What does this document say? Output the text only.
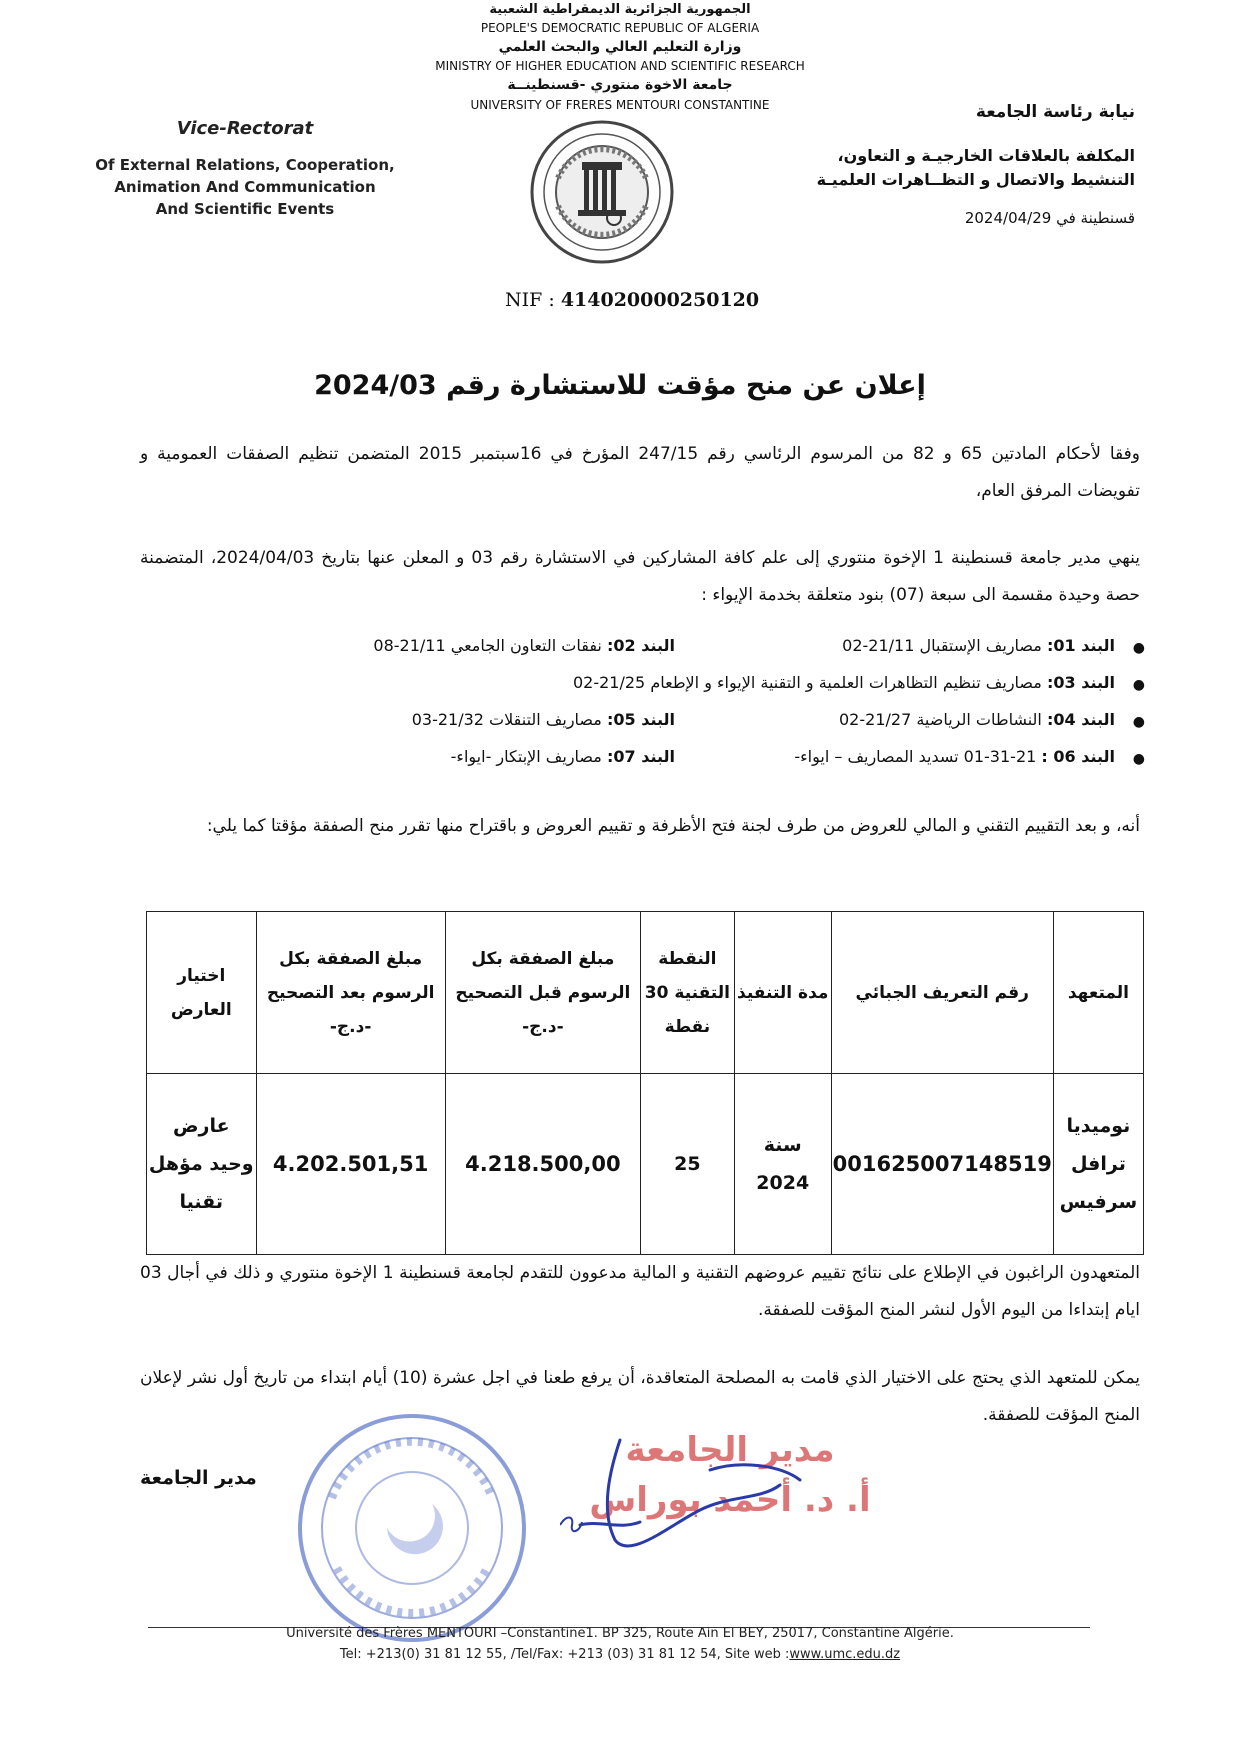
الجمهورية الجزائرية الديمقراطية الشعبية
PEOPLE'S DEMOCRATIC REPUBLIC OF ALGERIA
وزارة التعليم العالي والبحث العلمي
MINISTRY OF HIGHER EDUCATION AND SCIENTIFIC RESEARCH
جامعة الاخوة منتوري -قسنطينــة
UNIVERSITY OF FRERES MENTOURI CONSTANTINE
Vice-Rectorat
Of External Relations, Cooperation,
Animation And Communication
And Scientific Events
نيابة رئاسة الجامعة
المكلفة بالعلاقات الخارجيـة و التعاون،
التنشيط والاتصال و التظــاهرات العلميـة
قسنطينة في 2024/04/29
NIF : 414020000250120
إعلان عن منح مؤقت للاستشارة رقم 2024/03
وفقا لأحكام المادتين 65 و 82 من المرسوم الرئاسي رقم 247/15 المؤرخ في 16سبتمبر 2015 المتضمن تنظيم الصفقات العمومية و تفويضات المرفق العام،
ينهي مدير جامعة قسنطينة 1 الإخوة منتوري إلى علم كافة المشاركين في الاستشارة رقم 03 و المعلن عنها بتاريخ 2024/04/03، المتضمنة حصة وحيدة مقسمة الى سبعة (07) بنود متعلقة بخدمة الإيواء :
●
البند 01: مصاريف الإستقبال 21/11-02
البند 02: نفقات التعاون الجامعي 21/11-08
●
البند 03: مصاريف تنظيم التظاهرات العلمية و التقنية الإيواء و الإطعام 21/25-02
●
البند 04: النشاطات الرياضية 21/27-02
البند 05: مصاريف التنقلات 21/32-03
●
البند 06 : 21-31-01 تسديد المصاريف – ايواء-
البند 07: مصاريف الإبتكار -ايواء-
أنه، و بعد التقييم التقني و المالي للعروض من طرف لجنة فتح الأظرفة و تقييم العروض و باقتراح منها تقرر منح الصفقة مؤقتا كما يلي:
المتعهد	رقم التعريف الجبائي	مدة التنفيذ	النقطة التقنية 30 نقطة	مبلغ الصفقة بكل الرسوم قبل التصحيح -د.ج-	مبلغ الصفقة بكل الرسوم بعد التصحيح -د.ج-	اختيار العارض
نوميديا ترافل سرفيس	001625007148519	سنة 2024	25	4.218.500,00	4.202.501,51	عارض وحيد مؤهل تقنيا
المتعهدون الراغبون في الإطلاع على نتائج تقييم عروضهم التقنية و المالية مدعوون للتقدم لجامعة قسنطينة 1 الإخوة منتوري و ذلك في أجال 03 ايام إبتداءا من اليوم الأول لنشر المنح المؤقت للصفقة.
يمكن للمتعهد الذي يحتج على الاختيار الذي قامت به المصلحة المتعاقدة، أن يرفع طعنا في اجل عشرة (10) أيام ابتداء من تاريخ أول نشر لإعلان المنح المؤقت للصفقة.
مدير الجامعة
مدير الجامعة
أ. د. أحمد بوراس
Université des Frères MENTOURI –Constantine1. BP 325, Route Ain El BEY, 25017, Constantine Algérie.
Tel: +213(0) 31 81 12 55, /Tel/Fax: +213 (03) 31 81 12 54, Site web :www.umc.edu.dz
